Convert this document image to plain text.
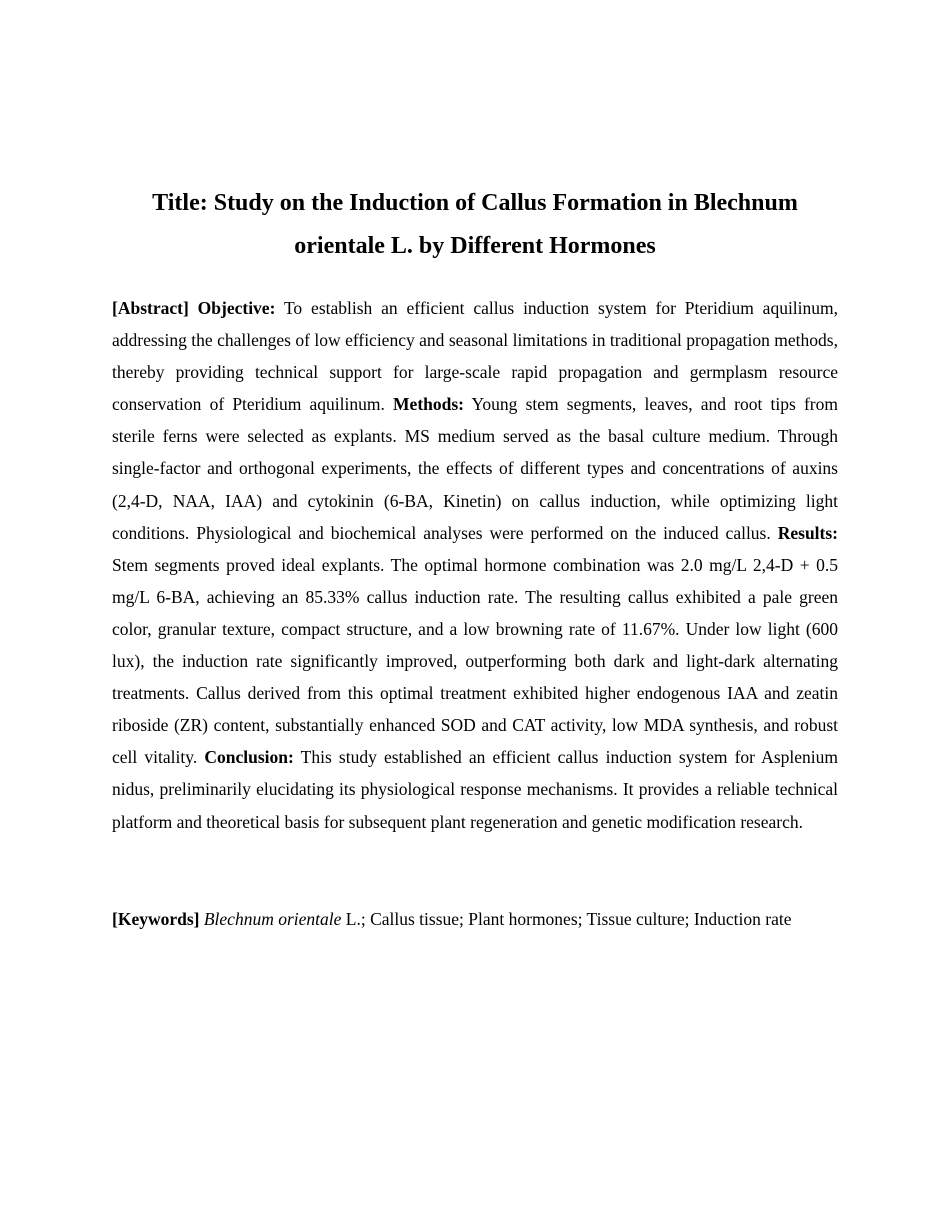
Title: Study on the Induction of Callus Formation in Blechnum orientale L. by Different Hormones

[Abstract] Objective: To establish an efficient callus induction system for Pteridium aquilinum, addressing the challenges of low efficiency and seasonal limitations in traditional propagation methods, thereby providing technical support for large-scale rapid propagation and germplasm resource conservation of Pteridium aquilinum. Methods: Young stem segments, leaves, and root tips from sterile ferns were selected as explants. MS medium served as the basal culture medium. Through single-factor and orthogonal experiments, the effects of different types and concentrations of auxins (2,4-D, NAA, IAA) and cytokinin (6-BA, Kinetin) on callus induction, while optimizing light conditions. Physiological and biochemical analyses were performed on the induced callus. Results: Stem segments proved ideal explants. The optimal hormone combination was 2.0 mg/L 2,4-D + 0.5 mg/L 6-BA, achieving an 85.33% callus induction rate. The resulting callus exhibited a pale green color, granular texture, compact structure, and a low browning rate of 11.67%. Under low light (600 lux), the induction rate significantly improved, outperforming both dark and light-dark alternating treatments. Callus derived from this optimal treatment exhibited higher endogenous IAA and zeatin riboside (ZR) content, substantially enhanced SOD and CAT activity, low MDA synthesis, and robust cell vitality. Conclusion: This study established an efficient callus induction system for Asplenium nidus, preliminarily elucidating its physiological response mechanisms. It provides a reliable technical platform and theoretical basis for subsequent plant regeneration and genetic modification research.

[Keywords] Blechnum orientale L.; Callus tissue; Plant hormones; Tissue culture; Induction rate
